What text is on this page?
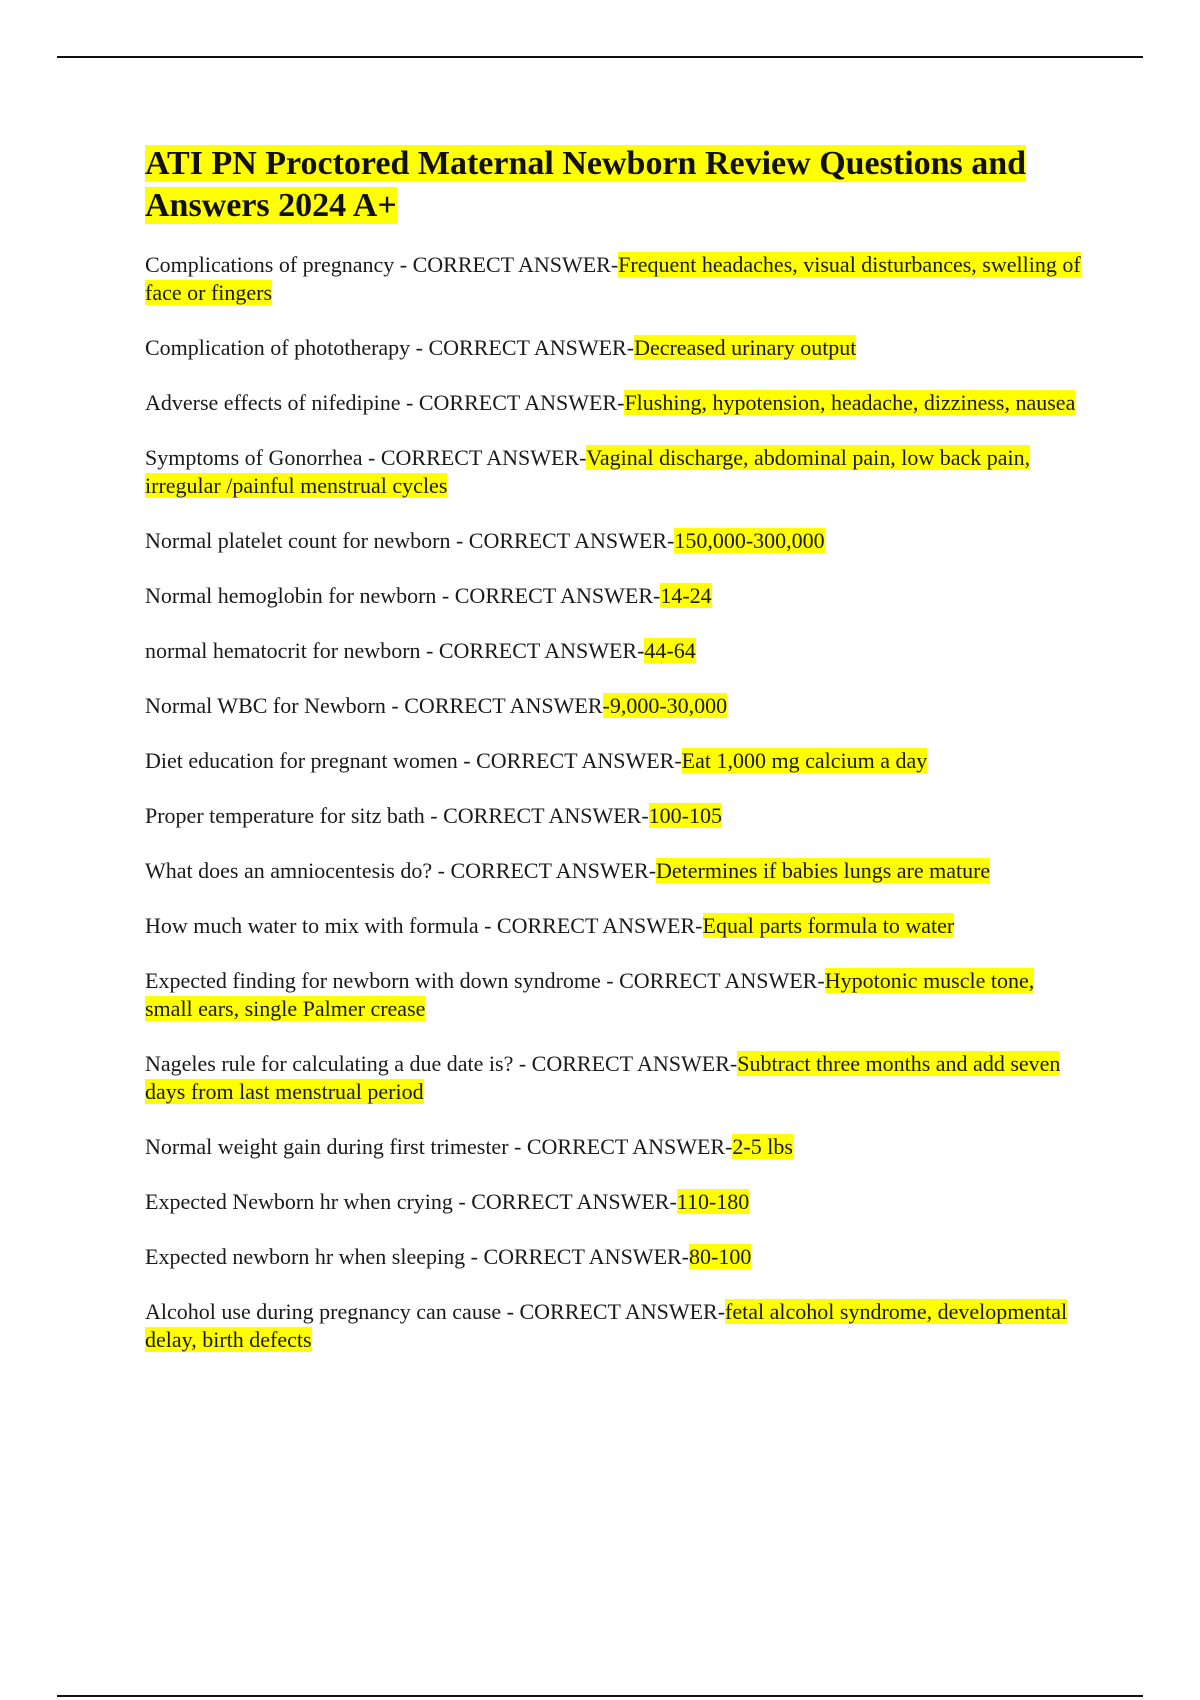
ATI PN Proctored Maternal Newborn Review Questions and Answers 2024 A+
Complications of pregnancy - CORRECT ANSWER-Frequent headaches, visual disturbances, swelling of face or fingers
Complication of phototherapy - CORRECT ANSWER-Decreased urinary output
Adverse effects of nifedipine - CORRECT ANSWER-Flushing, hypotension, headache, dizziness, nausea
Symptoms of Gonorrhea - CORRECT ANSWER-Vaginal discharge, abdominal pain, low back pain, irregular /painful menstrual cycles
Normal platelet count for newborn - CORRECT ANSWER-150,000-300,000
Normal hemoglobin for newborn - CORRECT ANSWER-14-24
normal hematocrit for newborn - CORRECT ANSWER-44-64
Normal WBC for Newborn - CORRECT ANSWER-9,000-30,000
Diet education for pregnant women - CORRECT ANSWER-Eat 1,000 mg calcium a day
Proper temperature for sitz bath - CORRECT ANSWER-100-105
What does an amniocentesis do? - CORRECT ANSWER-Determines if babies lungs are mature
How much water to mix with formula - CORRECT ANSWER-Equal parts formula to water
Expected finding for newborn with down syndrome - CORRECT ANSWER-Hypotonic muscle tone, small ears, single Palmer crease
Nageles rule for calculating a due date is? - CORRECT ANSWER-Subtract three months and add seven days from last menstrual period
Normal weight gain during first trimester - CORRECT ANSWER-2-5 lbs
Expected Newborn hr when crying - CORRECT ANSWER-110-180
Expected newborn hr when sleeping - CORRECT ANSWER-80-100
Alcohol use during pregnancy can cause - CORRECT ANSWER-fetal alcohol syndrome, developmental delay, birth defects
